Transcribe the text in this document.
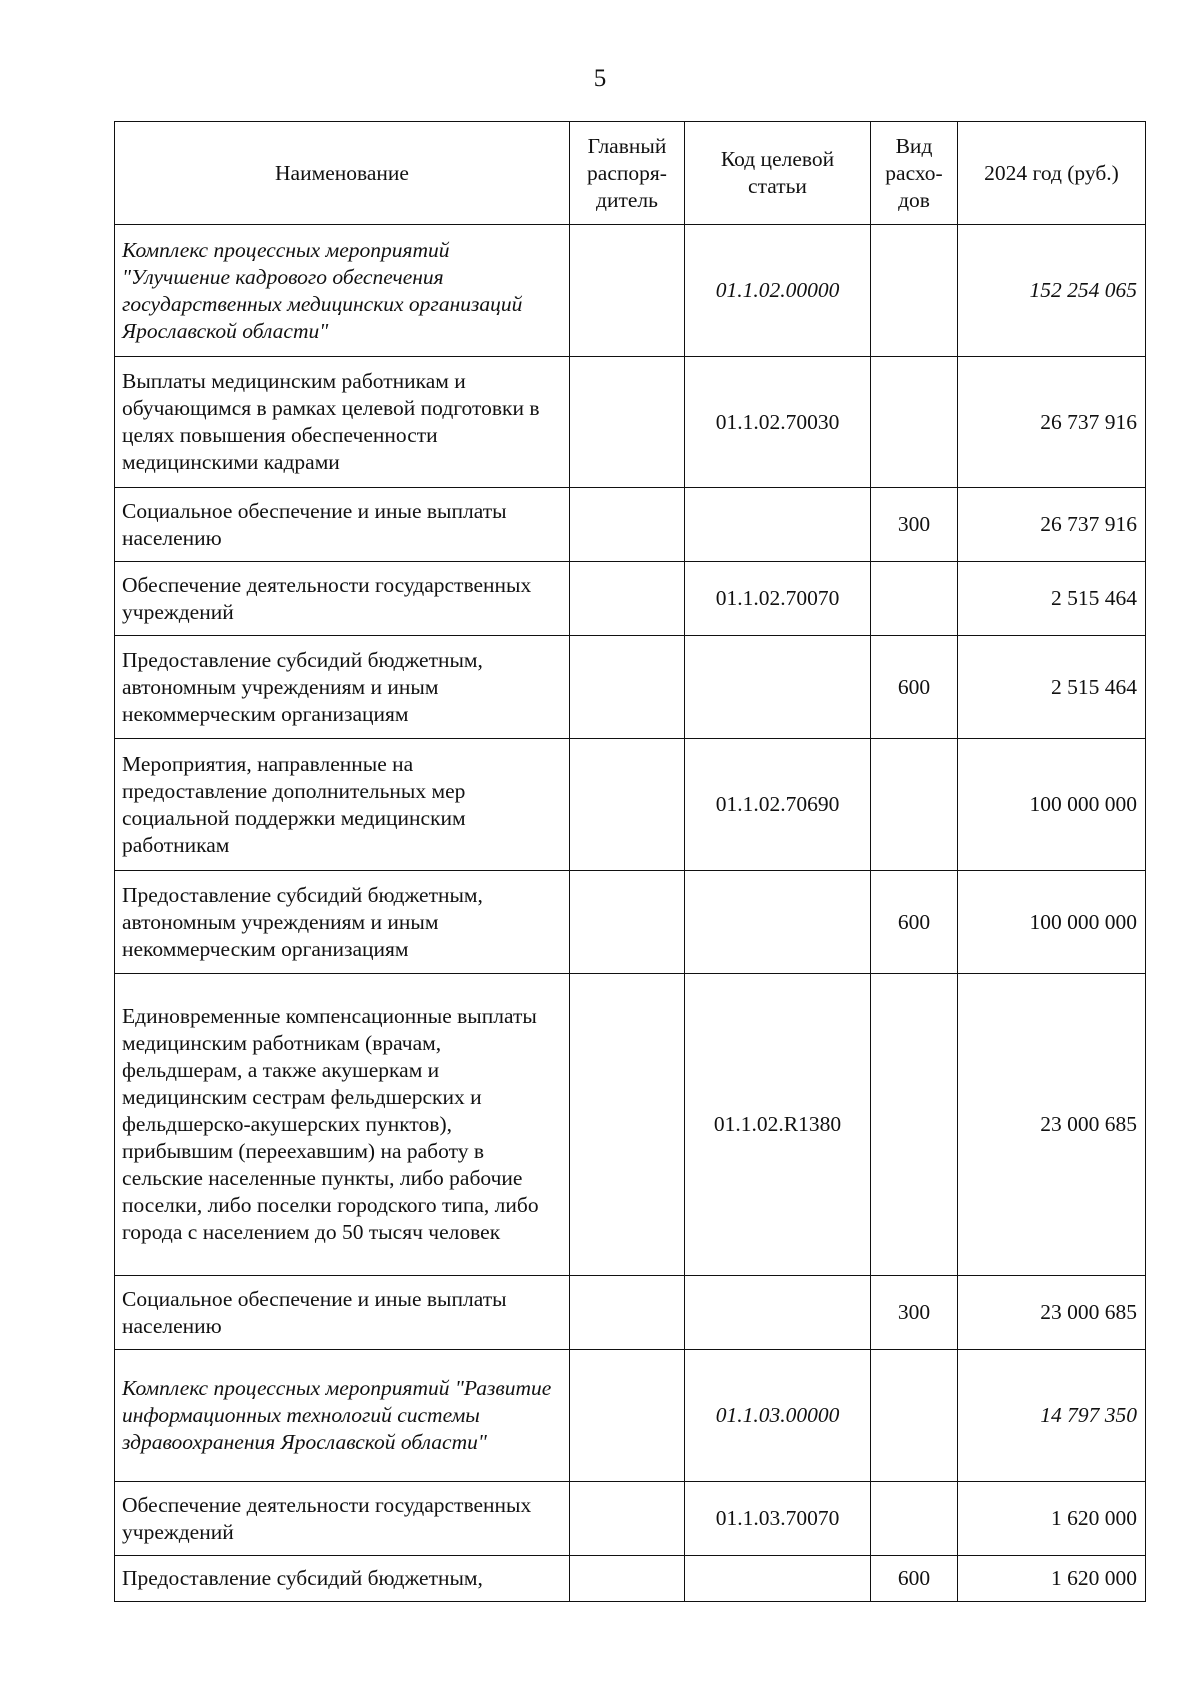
5
Наименование	Главный распоря-дитель	Код целевой статьи	Вид расхо-дов	2024 год (руб.)
Комплекс процессных мероприятий "Улучшение кадрового обеспечения государственных медицинских организаций Ярославской области"		01.1.02.00000		152 254 065
Выплаты медицинским работникам и обучающимся в рамках целевой подготовки в целях повышения обеспеченности медицинскими кадрами		01.1.02.70030		26 737 916
Социальное обеспечение и иные выплаты населению			300	26 737 916
Обеспечение деятельности государственных учреждений		01.1.02.70070		2 515 464
Предоставление субсидий бюджетным, автономным учреждениям и иным некоммерческим организациям			600	2 515 464
Мероприятия, направленные на предоставление дополнительных мер социальной поддержки медицинским работникам		01.1.02.70690		100 000 000
Предоставление субсидий бюджетным, автономным учреждениям и иным некоммерческим организациям			600	100 000 000
Единовременные компенсационные выплаты медицинским работникам (врачам, фельдшерам, а также акушеркам и медицинским сестрам фельдшерских и фельдшерско-акушерских пунктов), прибывшим (переехавшим) на работу в сельские населенные пункты, либо рабочие поселки, либо поселки городского типа, либо города с населением до 50 тысяч человек		01.1.02.R1380		23 000 685
Социальное обеспечение и иные выплаты населению			300	23 000 685
Комплекс процессных мероприятий "Развитие информационных технологий системы здравоохранения Ярославской области"		01.1.03.00000		14 797 350
Обеспечение деятельности государственных учреждений		01.1.03.70070		1 620 000
Предоставление субсидий бюджетным,			600	1 620 000
